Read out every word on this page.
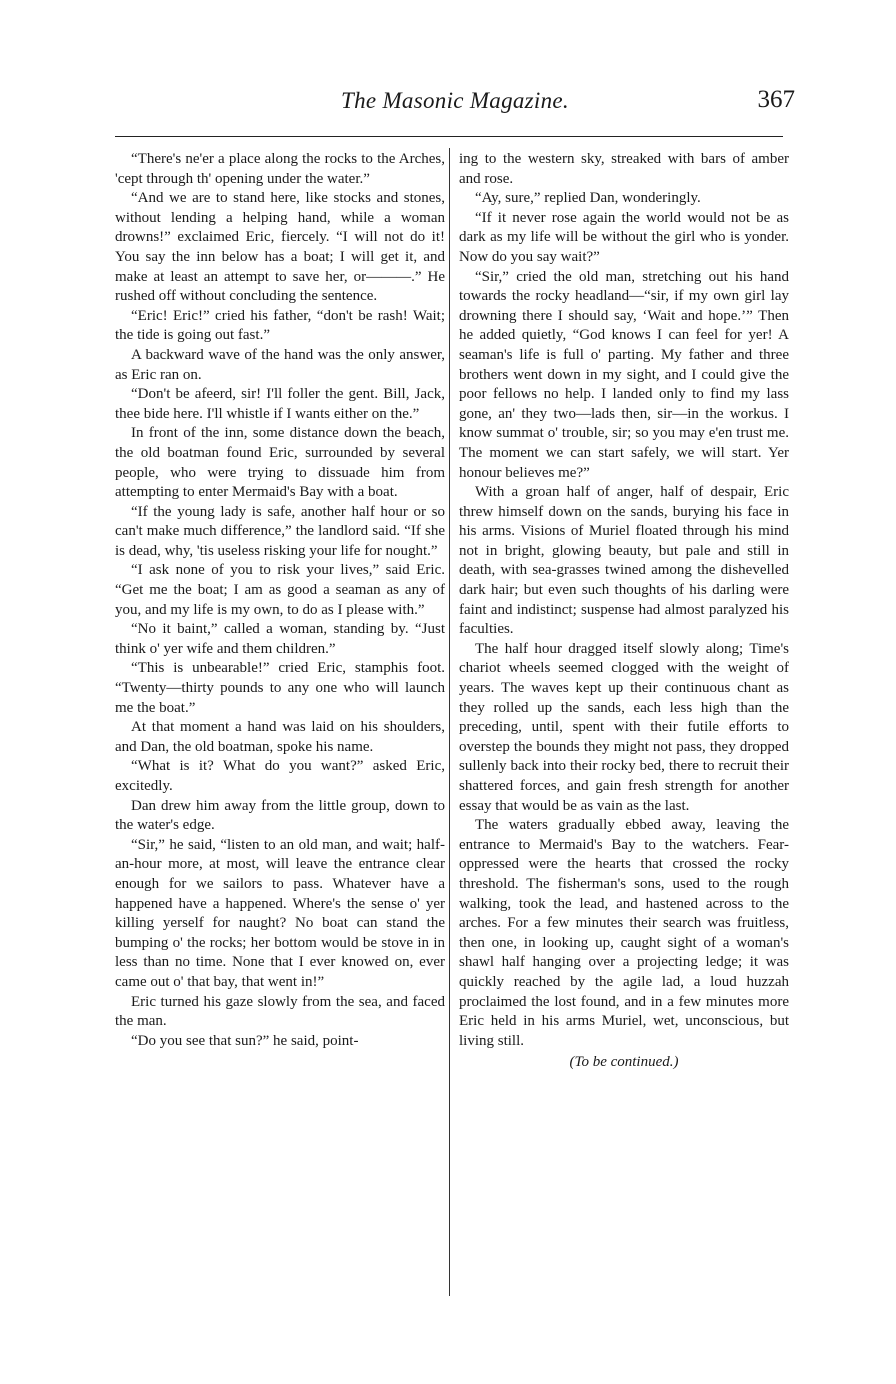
The Masonic Magazine.	367

“There's ne'er a place along the rocks to the Arches, 'cept through th' opening under the water.”

“And we are to stand here, like stocks and stones, without lending a helping hand, while a woman drowns!” exclaimed Eric, fiercely. “I will not do it! You say the inn below has a boat; I will get it, and make at least an attempt to save her, or———.” He rushed off without concluding the sentence.

“Eric! Eric!” cried his father, “don't be rash! Wait; the tide is going out fast.”

A backward wave of the hand was the only answer, as Eric ran on.

“Don't be afeerd, sir! I'll foller the gent. Bill, Jack, thee bide here. I'll whistle if I wants either on the.”

In front of the inn, some distance down the beach, the old boatman found Eric, surrounded by several people, who were trying to dissuade him from attempting to enter Mermaid's Bay with a boat.

“If the young lady is safe, another half hour or so can't make much difference,” the landlord said. “If she is dead, why, 'tis useless risking your life for nought.”

“I ask none of you to risk your lives,” said Eric. “Get me the boat; I am as good a seaman as any of you, and my life is my own, to do as I please with.”

“No it baint,” called a woman, standing by. “Just think o' yer wife and them children.”

“This is unbearable!” cried Eric, stamphis foot. “Twenty—thirty pounds to any one who will launch me the boat.”

At that moment a hand was laid on his shoulders, and Dan, the old boatman, spoke his name.

“What is it? What do you want?” asked Eric, excitedly.

Dan drew him away from the little group, down to the water's edge.

“Sir,” he said, “listen to an old man, and wait; half-an-hour more, at most, will leave the entrance clear enough for we sailors to pass. Whatever have a happened have a happened. Where's the sense o' yer killing yerself for naught? No boat can stand the bumping o' the rocks; her bottom would be stove in in less than no time. None that I ever knowed on, ever came out o' that bay, that went in!”

Eric turned his gaze slowly from the sea, and faced the man.

“Do you see that sun?” he said, point-

ing to the western sky, streaked with bars of amber and rose.

“Ay, sure,” replied Dan, wonderingly.

“If it never rose again the world would not be as dark as my life will be without the girl who is yonder. Now do you say wait?”

“Sir,” cried the old man, stretching out his hand towards the rocky headland—“sir, if my own girl lay drowning there I should say, ‘Wait and hope.’” Then he added quietly, “God knows I can feel for yer! A seaman's life is full o' parting. My father and three brothers went down in my sight, and I could give the poor fellows no help. I landed only to find my lass gone, an' they two—lads then, sir—in the workus. I know summat o' trouble, sir; so you may e'en trust me. The moment we can start safely, we will start. Yer honour believes me?”

With a groan half of anger, half of despair, Eric threw himself down on the sands, burying his face in his arms. Visions of Muriel floated through his mind not in bright, glowing beauty, but pale and still in death, with sea-grasses twined among the dishevelled dark hair; but even such thoughts of his darling were faint and indistinct; suspense had almost paralyzed his faculties.

The half hour dragged itself slowly along; Time's chariot wheels seemed clogged with the weight of years. The waves kept up their continuous chant as they rolled up the sands, each less high than the preceding, until, spent with their futile efforts to overstep the bounds they might not pass, they dropped sullenly back into their rocky bed, there to recruit their shattered forces, and gain fresh strength for another essay that would be as vain as the last.

The waters gradually ebbed away, leaving the entrance to Mermaid's Bay to the watchers. Fear-oppressed were the hearts that crossed the rocky threshold. The fisherman's sons, used to the rough walking, took the lead, and hastened across to the arches. For a few minutes their search was fruitless, then one, in looking up, caught sight of a woman's shawl half hanging over a projecting ledge; it was quickly reached by the agile lad, a loud huzzah proclaimed the lost found, and in a few minutes more Eric held in his arms Muriel, wet, unconscious, but living still.

(To be continued.)
